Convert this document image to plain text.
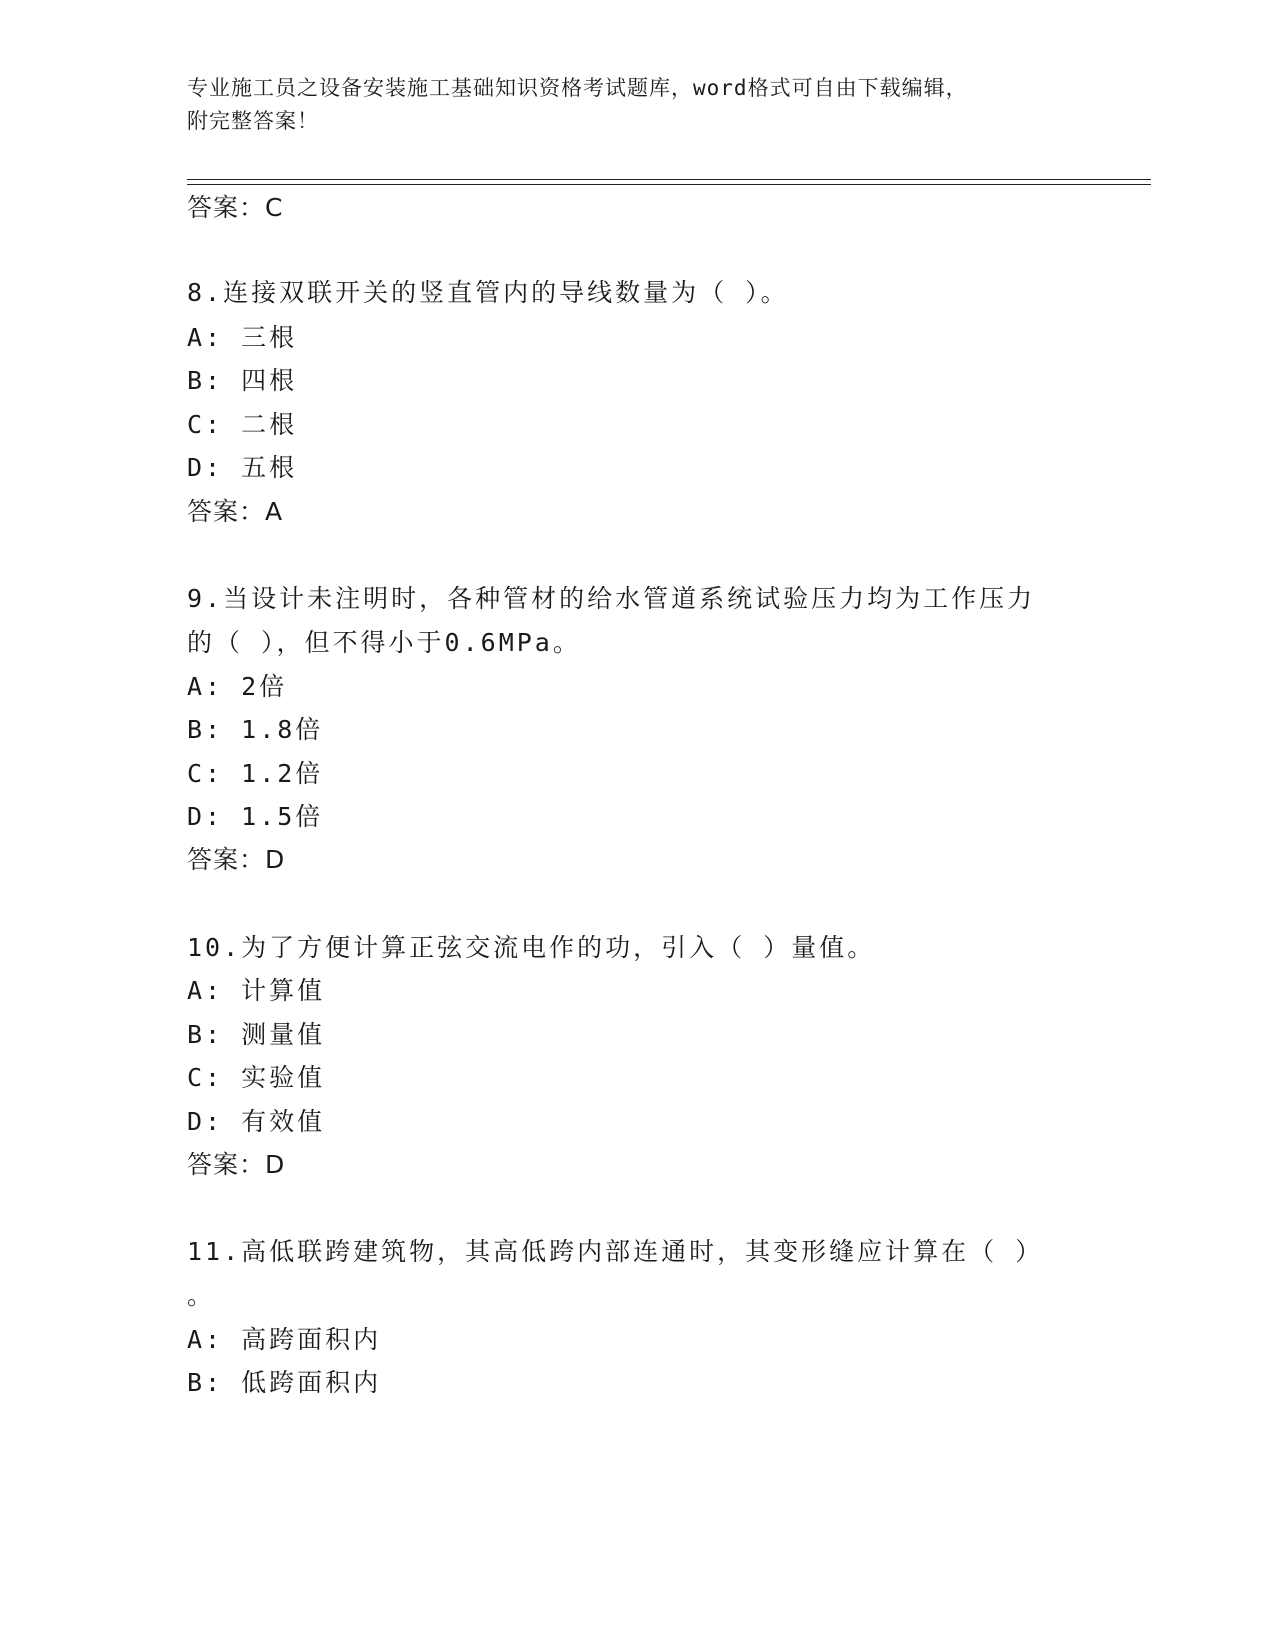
专业施工员之设备安装施工基础知识资格考试题库，word格式可自由下载编辑，
附完整答案！
答案：C
8.连接双联开关的竖直管内的导线数量为（ ）。
A: 三根
B: 四根
C: 二根
D: 五根
答案：A
9.当设计未注明时，各种管材的给水管道系统试验压力均为工作压力
的（ ），但不得小于0.6MPa。
A: 2倍
B: 1.8倍
C: 1.2倍
D: 1.5倍
答案：D
10.为了方便计算正弦交流电作的功，引入（ ）量值。
A: 计算值
B: 测量值
C: 实验值
D: 有效值
答案：D
11.高低联跨建筑物，其高低跨内部连通时，其变形缝应计算在（ ）
。
A: 高跨面积内
B: 低跨面积内
